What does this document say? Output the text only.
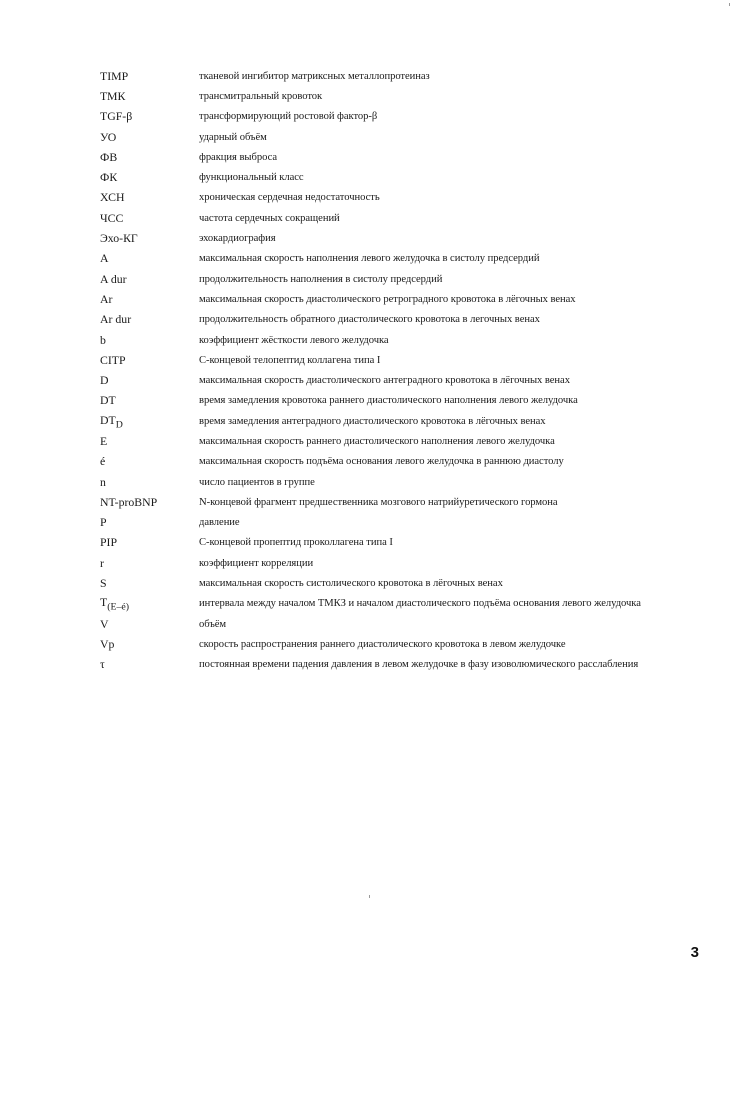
TIMP	тканевой ингибитор матриксных металлопротеиназ
ТМК	трансмитральный кровоток
TGF-β	трансформирующий ростовой фактор-β
УО	ударный объём
ФВ	фракция выброса
ФК	функциональный класс
ХСН	хроническая сердечная недостаточность
ЧСС	частота сердечных сокращений
Эхо-КГ	эхокардиография
A	максимальная скорость наполнения левого желудочка в систолу предсердий
A dur	продолжительность наполнения в систолу предсердий
Ar	максимальная скорость диастолического ретроградного кровотока в лёгочных венах
Ar dur	продолжительность обратного диастолического кровотока в легочных венах
b	коэффициент жёсткости левого желудочка
CITP	С-концевой телопептид коллагена типа I
D	максимальная скорость диастолического антеградного кровотока в лёгочных венах
DT	время замедления кровотока раннего диастолического наполнения левого желудочка
$DT_D$	время замедления антеградного диастолического кровотока в лёгочных венах
E	максимальная скорость раннего диастолического наполнения левого желудочка
é	максимальная скорость подъёма основания левого желудочка в раннюю диастолу
n	число пациентов в группе
NT-proBNP	N-концевой фрагмент предшественника мозгового натрийуретического гормона
P	давление
PIP	С-концевой пропептид проколлагена типа I
r	коэффициент корреляции
S	максимальная скорость систолического кровотока в лёгочных венах
$T_{(E-é)}$	интервала между началом ТМКЗ и началом диастолического подъёма основания левого желудочка
V	объём
Vp	скорость распространения раннего диастолического кровотока в левом желудочке
τ	постоянная времени падения давления в левом желудочке в фазу изоволюмического расслабления
3
